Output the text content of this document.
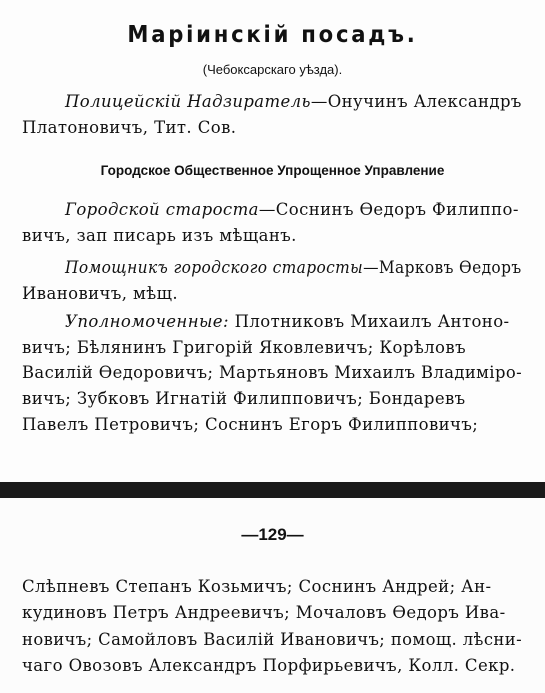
Маріинскій посадъ.
(Чебоксарскаго уѣзда).
Полицейскій Надзиратель—Онучинъ Александръ
Платоновичъ, Тит. Сов.
Городское Общественное Упрощенное Управление
Городской староста—Соснинъ Ѳедоръ Филиппо-
вичъ, зап писарь изъ мѣщанъ.
Помощникъ городского старосты—Марковъ Ѳедоръ
Ивановичъ, мѣщ.
Уполномоченные: Плотниковъ Михаилъ Антоно-
вичъ; Бѣлянинъ Григорій Яковлевичъ; Корѣловъ
Василій Ѳедоровичъ; Мартьяновъ Михаилъ Владиміро-
вичъ; Зубковъ Игнатій Филипповичъ; Бондаревъ
Павелъ Петровичъ; Соснинъ Егоръ Филипповичъ;
—129—
Слѣпневъ Степанъ Козьмичъ; Соснинъ Андрей; Ан-
кудиновъ Петръ Андреевичъ; Мочаловъ Ѳедоръ Ива-
новичъ; Самойловъ Василій Ивановичъ; помощ. лѣсни-
чаго Овозовъ Александръ Порфирьевичъ, Колл. Секр.
